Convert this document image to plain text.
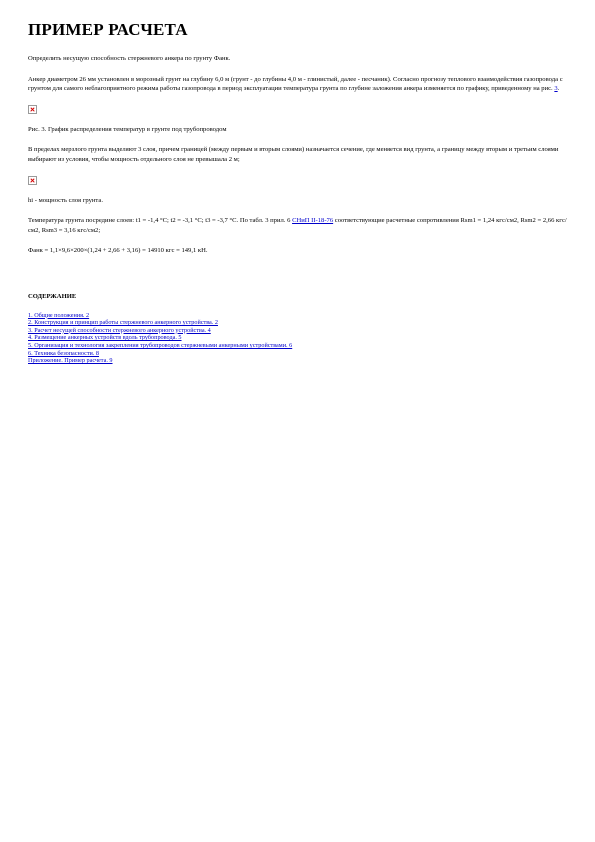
ПРИМЕР РАСЧЕТА

Определить несущую способность стержневого анкера по грунту Фанк.

Анкер диаметром 26 мм установлен в морозный грунт на глубину 6,0 м (грунт - до глубины 4,0 м - глинистый, далее - песчаник). Согласно прогнозу теплового взаимодействия газопровода с грунтом для самого неблагоприятного режима работы газопровода в период эксплуатации температура грунта по глубине заложения анкера изменяется по графику, приведенному на рис. 3.

Рис. 3. График распределения температур в грунте под трубопроводом

В пределах мерзлого грунта выделяют 3 слоя, причем границей (между первым и вторым слоями) назначается сечение, где меняется вид грунта, а границу между вторым и третьим слоями выбирают из условия, чтобы мощность отдельного слоя не превышала 2 м;

hi - мощность слоя грунта.

Температура грунта посредине слоев: t1 = -1,4 °С; t2 = -3,1 °С; t3 = -3,7 °С. По табл. 3 прил. 6 СНиП II-18-76 соответствующие расчетные сопротивления Rsm1 = 1,24 кгс/см2, Rsm2 = 2,66 кгс/см2, Rsm3 = 3,16 кгс/см2;

Фанк = 1,1×9,6×200×(1,24 + 2,66 + 3,16) = 14910 кгс = 149,1 кН.

СОДЕРЖАНИЕ

1. Общие положения. 2
2. Конструкция и принцип работы стержневого анкерного устройства. 2
3. Расчет несущей способности стержневого анкерного устройства. 4
4. Размещение анкерных устройств вдоль трубопровода. 5
5. Организация и технология закрепления трубопроводов стержневыми анкерными устройствами. 6
6. Техника безопасности. 8
Приложение. Пример расчета. 9
